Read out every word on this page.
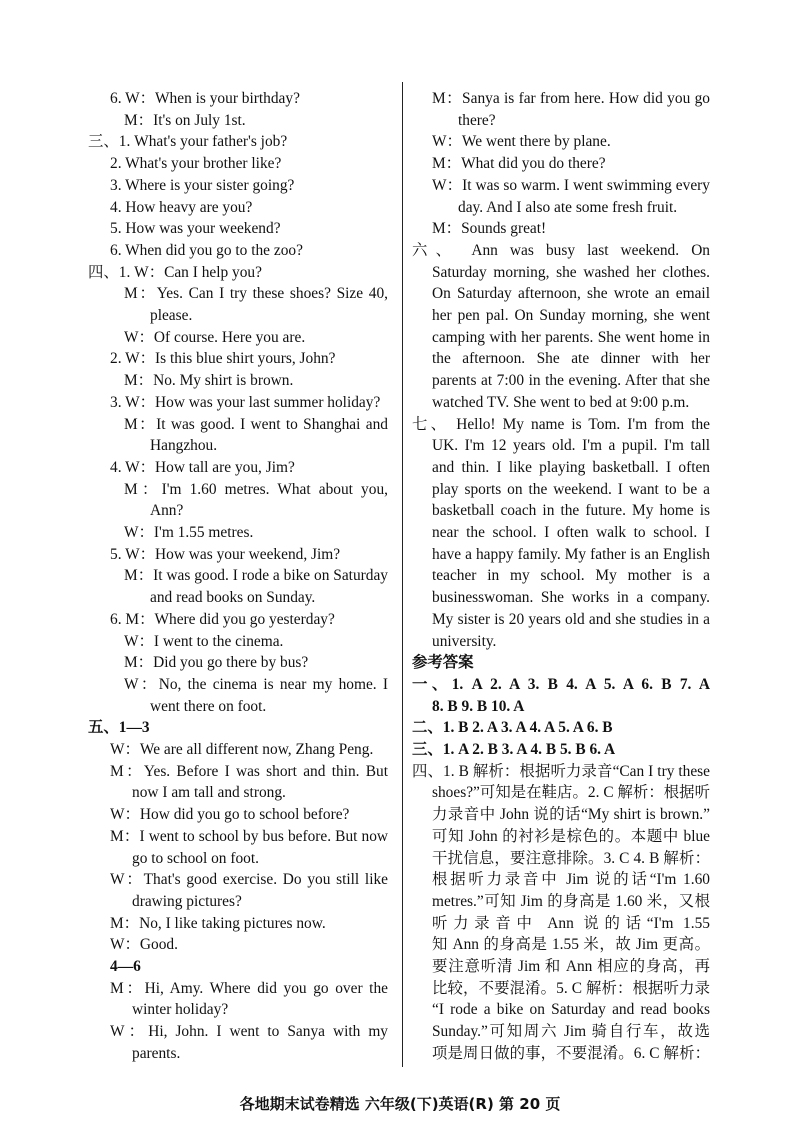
6. W：When is your birthday?
M：It's on July 1st.
三、1. What's your father's job?
2. What's your brother like?
3. Where is your sister going?
4. How heavy are you?
5. How was your weekend?
6. When did you go to the zoo?
四、1. W：Can I help you?
M：Yes. Can I try these shoes? Size 40,
please.
W：Of course. Here you are.
2. W：Is this blue shirt yours, John?
M：No. My shirt is brown.
3. W：How was your last summer holiday?
M：It was good. I went to Shanghai and
Hangzhou.
4. W：How tall are you, Jim?
M：I'm 1.60 metres. What about you,
Ann?
W：I'm 1.55 metres.
5. W：How was your weekend, Jim?
M：It was good. I rode a bike on Saturday
and read books on Sunday.
6. M：Where did you go yesterday?
W：I went to the cinema.
M：Did you go there by bus?
W：No, the cinema is near my home. I
went there on foot.
五、1—3
W：We are all different now, Zhang Peng.
M：Yes. Before I was short and thin. But
now I am tall and strong.
W：How did you go to school before?
M：I went to school by bus before. But now
go to school on foot.
W：That's good exercise. Do you still like
drawing pictures?
M：No, I like taking pictures now.
W：Good.
4—6
M：Hi, Amy. Where did you go over the
winter holiday?
W：Hi, John. I went to Sanya with my
parents.
M：Sanya is far from here. How did you go
there?
W：We went there by plane.
M：What did you do there?
W：It was so warm. I went swimming every
day. And I also ate some fresh fruit.
M：Sounds great!
六、 Ann was busy last weekend. On
Saturday morning, she washed her clothes.
On Saturday afternoon, she wrote an email
her pen pal. On Sunday morning, she went
camping with her parents. She went home in
the afternoon. She ate dinner with her
parents at 7:00 in the evening. After that she
watched TV. She went to bed at 9:00 p.m.
七、 Hello! My name is Tom. I'm from the
UK. I'm 12 years old. I'm a pupil. I'm tall
and thin. I like playing basketball. I often
play sports on the weekend. I want to be a
basketball coach in the future. My home is
near the school. I often walk to school. I
have a happy family. My father is an English
teacher in my school. My mother is a
businesswoman. She works in a company.
My sister is 20 years old and she studies in a
university.
参考答案
一、1. A 2. A 3. B 4. A 5. A 6. B 7. A
8. B 9. B 10. A
二、1. B 2. A 3. A 4. A 5. A 6. B
三、1. A 2. B 3. A 4. B 5. B 6. A
四、1. B 解析：根据听力录音“Can I try these
shoes?”可知是在鞋店。2. C 解析：根据听
力录音中 John 说的话“My shirt is brown.”
可知 John 的衬衫是棕色的。本题中 blue
干扰信息，要注意排除。3. C 4. B 解析：
根据听力录音中 Jim 说的话“I'm 1.60
metres.”可知 Jim 的身高是 1.60 米，又根
听力录音中 Ann 说的话“I'm 1.55
知 Ann 的身高是 1.55 米，故 Jim 更高。
要注意听清 Jim 和 Ann 相应的身高，再
比较，不要混淆。5. C 解析：根据听力录
“I rode a bike on Saturday and read books
Sunday.”可知周六 Jim 骑自行车，故选
项是周日做的事，不要混淆。6. C 解析：
各地期末试卷精选 六年级(下)英语(R) 第 20 页
